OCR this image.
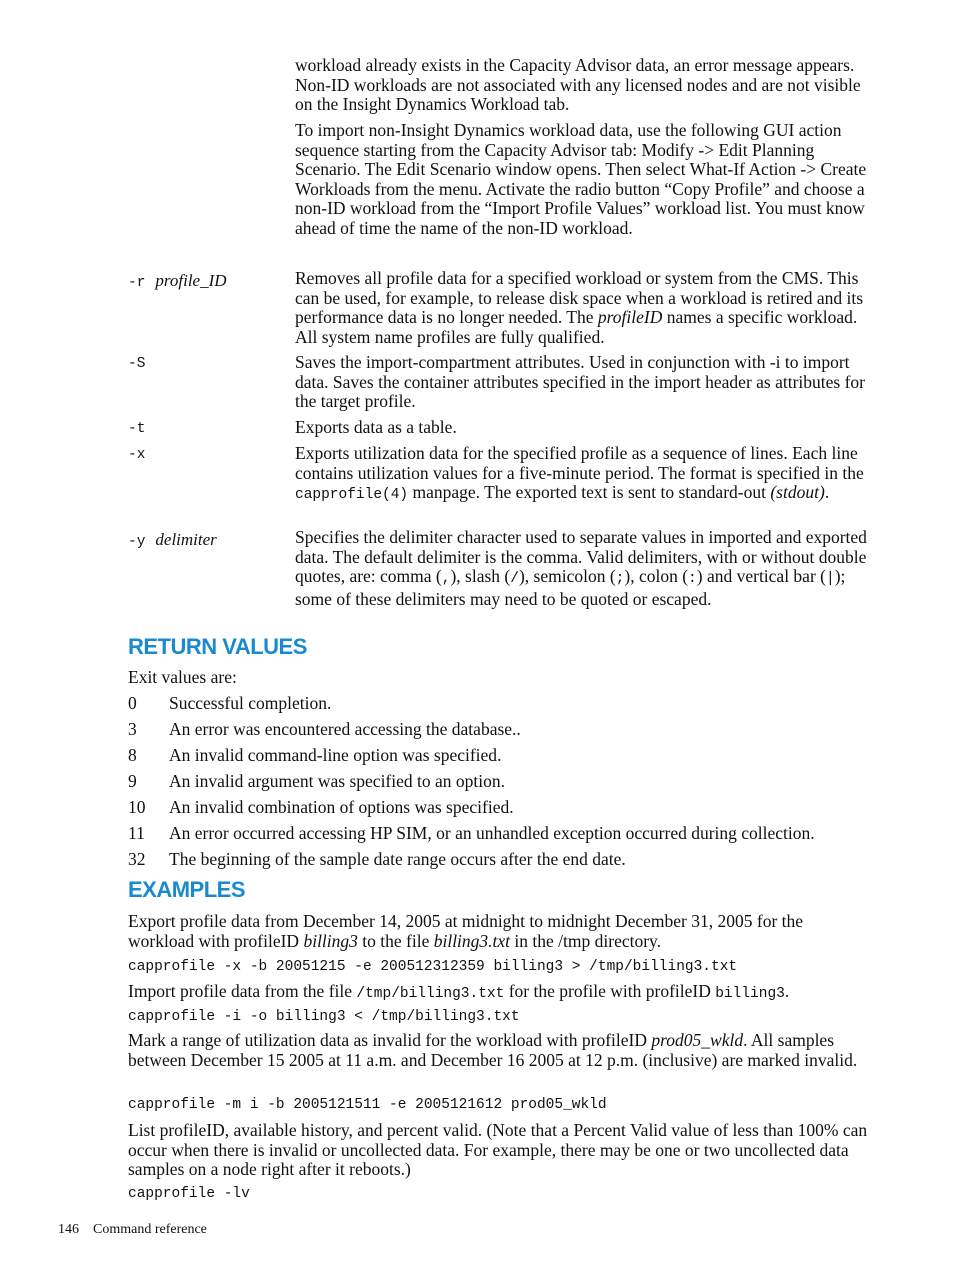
workload already exists in the Capacity Advisor data, an error message appears. Non-ID workloads are not associated with any licensed nodes and are not visible on the Insight Dynamics Workload tab.
To import non-Insight Dynamics workload data, use the following GUI action sequence starting from the Capacity Advisor tab: Modify -> Edit Planning Scenario. The Edit Scenario window opens. Then select What-If Action -> Create Workloads from the menu. Activate the radio button “Copy Profile” and choose a non-ID workload from the “Import Profile Values” workload list. You must know ahead of time the name of the non-ID workload.
-r profile_ID	Removes all profile data for a specified workload or system from the CMS. This can be used, for example, to release disk space when a workload is retired and its performance data is no longer needed. The profileID names a specific workload. All system name profiles are fully qualified.
-S	Saves the import-compartment attributes. Used in conjunction with -i to import data. Saves the container attributes specified in the import header as attributes for the target profile.
-t	Exports data as a table.
-x	Exports utilization data for the specified profile as a sequence of lines. Each line contains utilization values for a five-minute period. The format is specified in the capprofile(4) manpage. The exported text is sent to standard-out (stdout).
-y delimiter	Specifies the delimiter character used to separate values in imported and exported data. The default delimiter is the comma. Valid delimiters, with or without double quotes, are: comma (,), slash (/), semicolon (;), colon (:) and vertical bar (|); some of these delimiters may need to be quoted or escaped.
RETURN VALUES
Exit values are:
0 Successful completion.
3 An error was encountered accessing the database..
8 An invalid command-line option was specified.
9 An invalid argument was specified to an option.
10 An invalid combination of options was specified.
11 An error occurred accessing HP SIM, or an unhandled exception occurred during collection.
32 The beginning of the sample date range occurs after the end date.
EXAMPLES
Export profile data from December 14, 2005 at midnight to midnight December 31, 2005 for the workload with profileID billing3 to the file billing3.txt in the /tmp directory.
capprofile -x -b 20051215 -e 200512312359 billing3 > /tmp/billing3.txt
Import profile data from the file /tmp/billing3.txt for the profile with profileID billing3.
capprofile -i -o billing3 < /tmp/billing3.txt
Mark a range of utilization data as invalid for the workload with profileID prod05_wkld. All samples between December 15 2005 at 11 a.m. and December 16 2005 at 12 p.m. (inclusive) are marked invalid.
capprofile -m i -b 2005121511 -e 2005121612 prod05_wkld
List profileID, available history, and percent valid. (Note that a Percent Valid value of less than 100% can occur when there is invalid or uncollected data. For example, there may be one or two uncollected data samples on a node right after it reboots.)
capprofile -lv
146 Command reference
